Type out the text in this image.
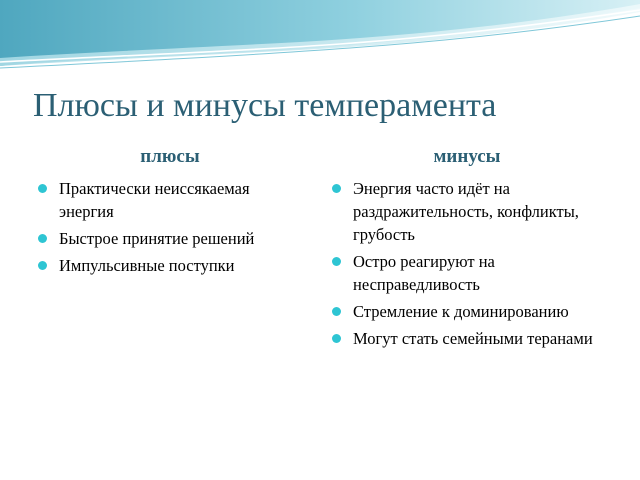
Плюсы и минусы темперамента
плюсы	минусы
Практически неиссякаемая энергия
Быстрое принятие решений
Импульсивные поступки
Энергия часто идёт на раздражительность, конфликты, грубость
Остро реагируют на несправедливость
Стремление к доминированию
Могут стать семейными теранами
